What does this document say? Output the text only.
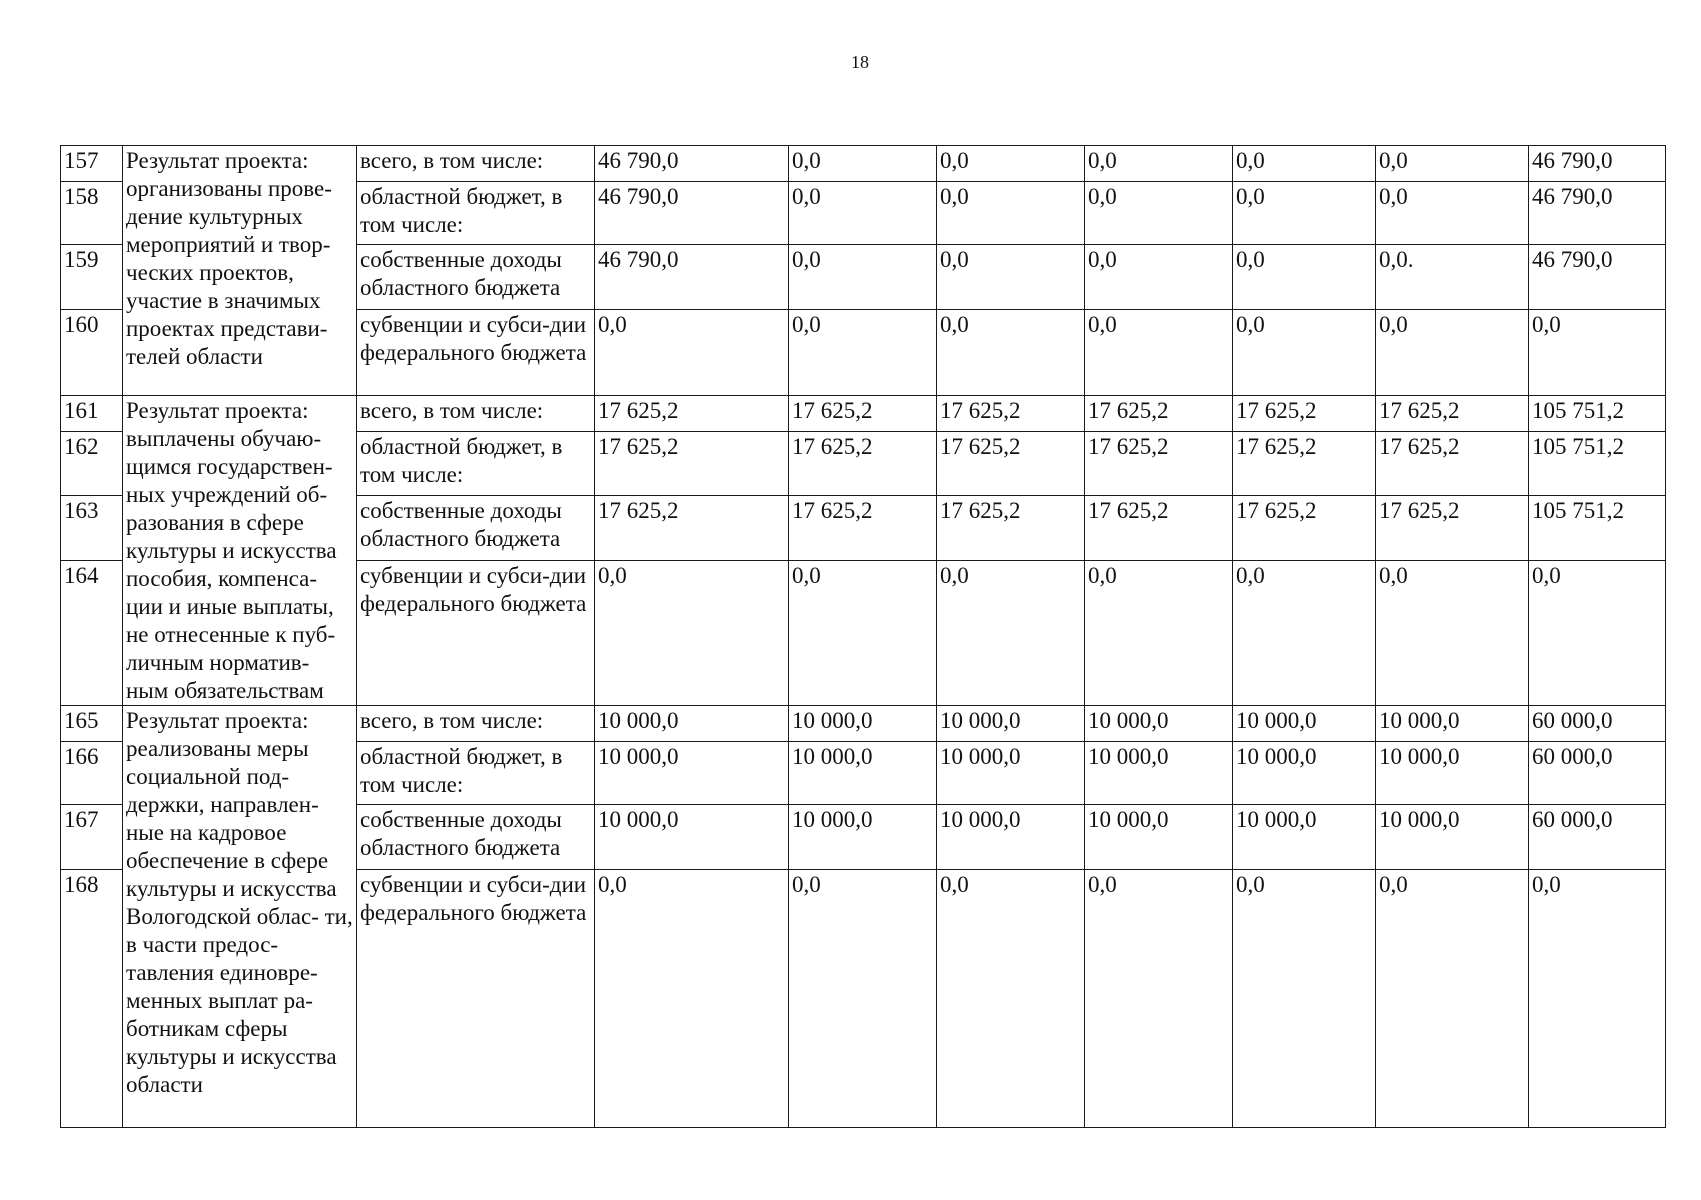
18
157	Результат проекта: организованы прове- дение культурных мероприятий и твор- ческих проектов, участие в значимых проектах представи- телей области	всего, в том числе:	46 790,0	0,0	0,0	0,0	0,0	0,0	46 790,0
158		областной бюджет, в том числе:	46 790,0	0,0	0,0	0,0	0,0	0,0	46 790,0
159		собственные доходы областного бюджета	46 790,0	0,0	0,0	0,0	0,0	0,0.	46 790,0
160		субвенции и субси-дии федерального бюджета	0,0	0,0	0,0	0,0	0,0	0,0	0,0
161	Результат проекта: выплачены обучаю- щимся государствен- ных учреждений об- разования в сфере культуры и искусства пособия, компенса- ции и иные выплаты, не отнесенные к пуб- личным норматив- ным обязательствам	всего, в том числе:	17 625,2	17 625,2	17 625,2	17 625,2	17 625,2	17 625,2	105 751,2
162		областной бюджет, в том числе:	17 625,2	17 625,2	17 625,2	17 625,2	17 625,2	17 625,2	105 751,2
163		собственные доходы областного бюджета	17 625,2	17 625,2	17 625,2	17 625,2	17 625,2	17 625,2	105 751,2
164		субвенции и субси-дии федерального бюджета	0,0	0,0	0,0	0,0	0,0	0,0	0,0
165	Результат проекта: реализованы меры социальной под- держки, направлен- ные на кадровое обеспечение в сфере культуры и искусства Вологодской облас- ти, в части предос- тавления единовре- менных выплат ра- ботникам сферы культуры и искусства области	всего, в том числе:	10 000,0	10 000,0	10 000,0	10 000,0	10 000,0	10 000,0	60 000,0
166		областной бюджет, в том числе:	10 000,0	10 000,0	10 000,0	10 000,0	10 000,0	10 000,0	60 000,0
167		собственные доходы областного бюджета	10 000,0	10 000,0	10 000,0	10 000,0	10 000,0	10 000,0	60 000,0
168		субвенции и субси-дии федерального бюджета	0,0	0,0	0,0	0,0	0,0	0,0	0,0
